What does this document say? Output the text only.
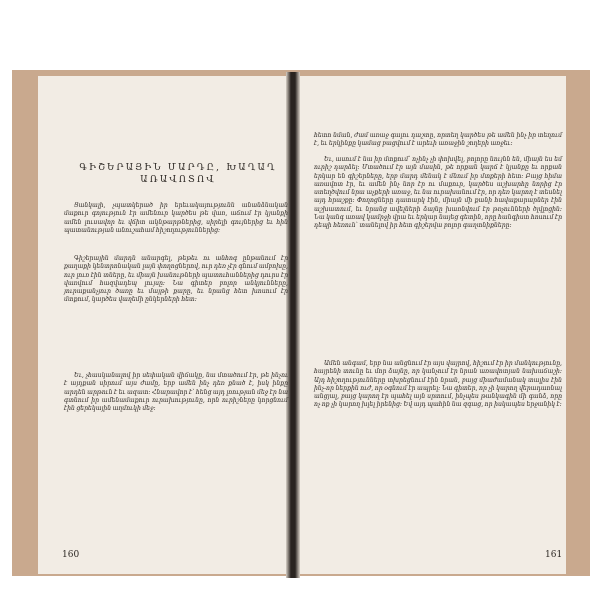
ԳԻՇԵՐԱՅԻՆ ՄԱՐԴԸ, ԽԱՂԱՂ
ԱՌԱՎՈՏՈՎ
Ցանկալի, չպատկերած իր երեւակայությունն անանձնական մաքուր գոյություն էր ամենուր կարծես թե վառ, աճում էր կյանքի ամեն լուսավոր եւ վճիտ ակնթարթներից, սիրելի գույներից եւ հին պատանության անուշահամ հիշողություններից։
Գիշերային մարդն անարգել, թեթեւ ու անհոգ ընթանում էր քաղաքի կենտրոնական լայն փողոցներով, ուր դեռ չէր գնում ամբոխը, ուր լուռ էին տները, եւ միայն խանութների պատուհաններից դուրս էր վառվում հազվադեպ լույսը։ Նա գիտեր բոլոր անկյունները, յուրաքանչյուր ծառը եւ մայթի քարը, եւ նրանց հետ խոսում էր մտքում, կարծես վաղեմի ընկերների հետ։
Եւ, չհասկանալով իր սեփական վիճակը, նա մտածում էր, թե ինչու է այդքան սիրում այս ժամը, երբ ամեն ինչ դեռ քնած է, իսկ ինքը արդեն արթուն է եւ ազատ։ Հնարավոր է՝ հենց այդ լռության մեջ էր նա գտնում իր ամենամաքուր ուրախությունը, որն ուրիշները կորցնում էին ցերեկային աղմուկի մեջ։
160
հետո նման, ժամ առաջ գալու դաշտը, որտեղ կարծես թե ամեն ինչ իր տեղում է, եւ երկինքը կամաց բացվում է արեւի առաջին շողերի առջեւ։
Եւ, ասում է նա իր մտքում՝ ոչինչ չի փոխվել, բոլորը նույնն են, միայն ես եմ ուրիշ դարձել։ Մտածում էր այն մասին, թե որքան կարճ է կյանքը եւ որքան երկար են գիշերները, երբ մարդ մենակ է մնում իր մտքերի հետ։ Բայց հիմա առավոտ էր, եւ ամեն ինչ նոր էր ու մաքուր, կարծես աշխարհը նորից էր ստեղծվում նրա աչքերի առաջ, եւ նա ուրախանում էր, որ դեռ կարող է տեսնել այդ հրաշքը։ Փողոցները դատարկ էին, միայն մի քանի հավաքարարներ էին աշխատում, եւ նրանց ավելների ձայնը խառնվում էր թռչունների ծլվլոցին։ Նա կանգ առավ կամրջի վրա եւ երկար նայեց գետին, որը հանգիստ հոսում էր դեպի հեռուն՝ տանելով իր հետ գիշերվա բոլոր գաղտնիքները։
Ամեն անգամ, երբ նա անցնում էր այս վայրով, հիշում էր իր մանկությունը, հայրենի տունը եւ մոր ձայնը, որ կանչում էր նրան առավոտյան նախաճաշի։ Այդ հիշողությունները տխրեցնում էին նրան, բայց միաժամանակ տալիս էին ինչ-որ ներքին ուժ, որ օգնում էր ապրել։ Նա գիտեր, որ չի կարող վերադառնալ անցյալ, բայց կարող էր պահել այն սրտում, ինչպես թանկագին մի գանձ, որը ոչ ոք չի կարող խլել իրենից։ Եվ այդ պահին նա զգաց, որ իսկապես երջանիկ է։
161
